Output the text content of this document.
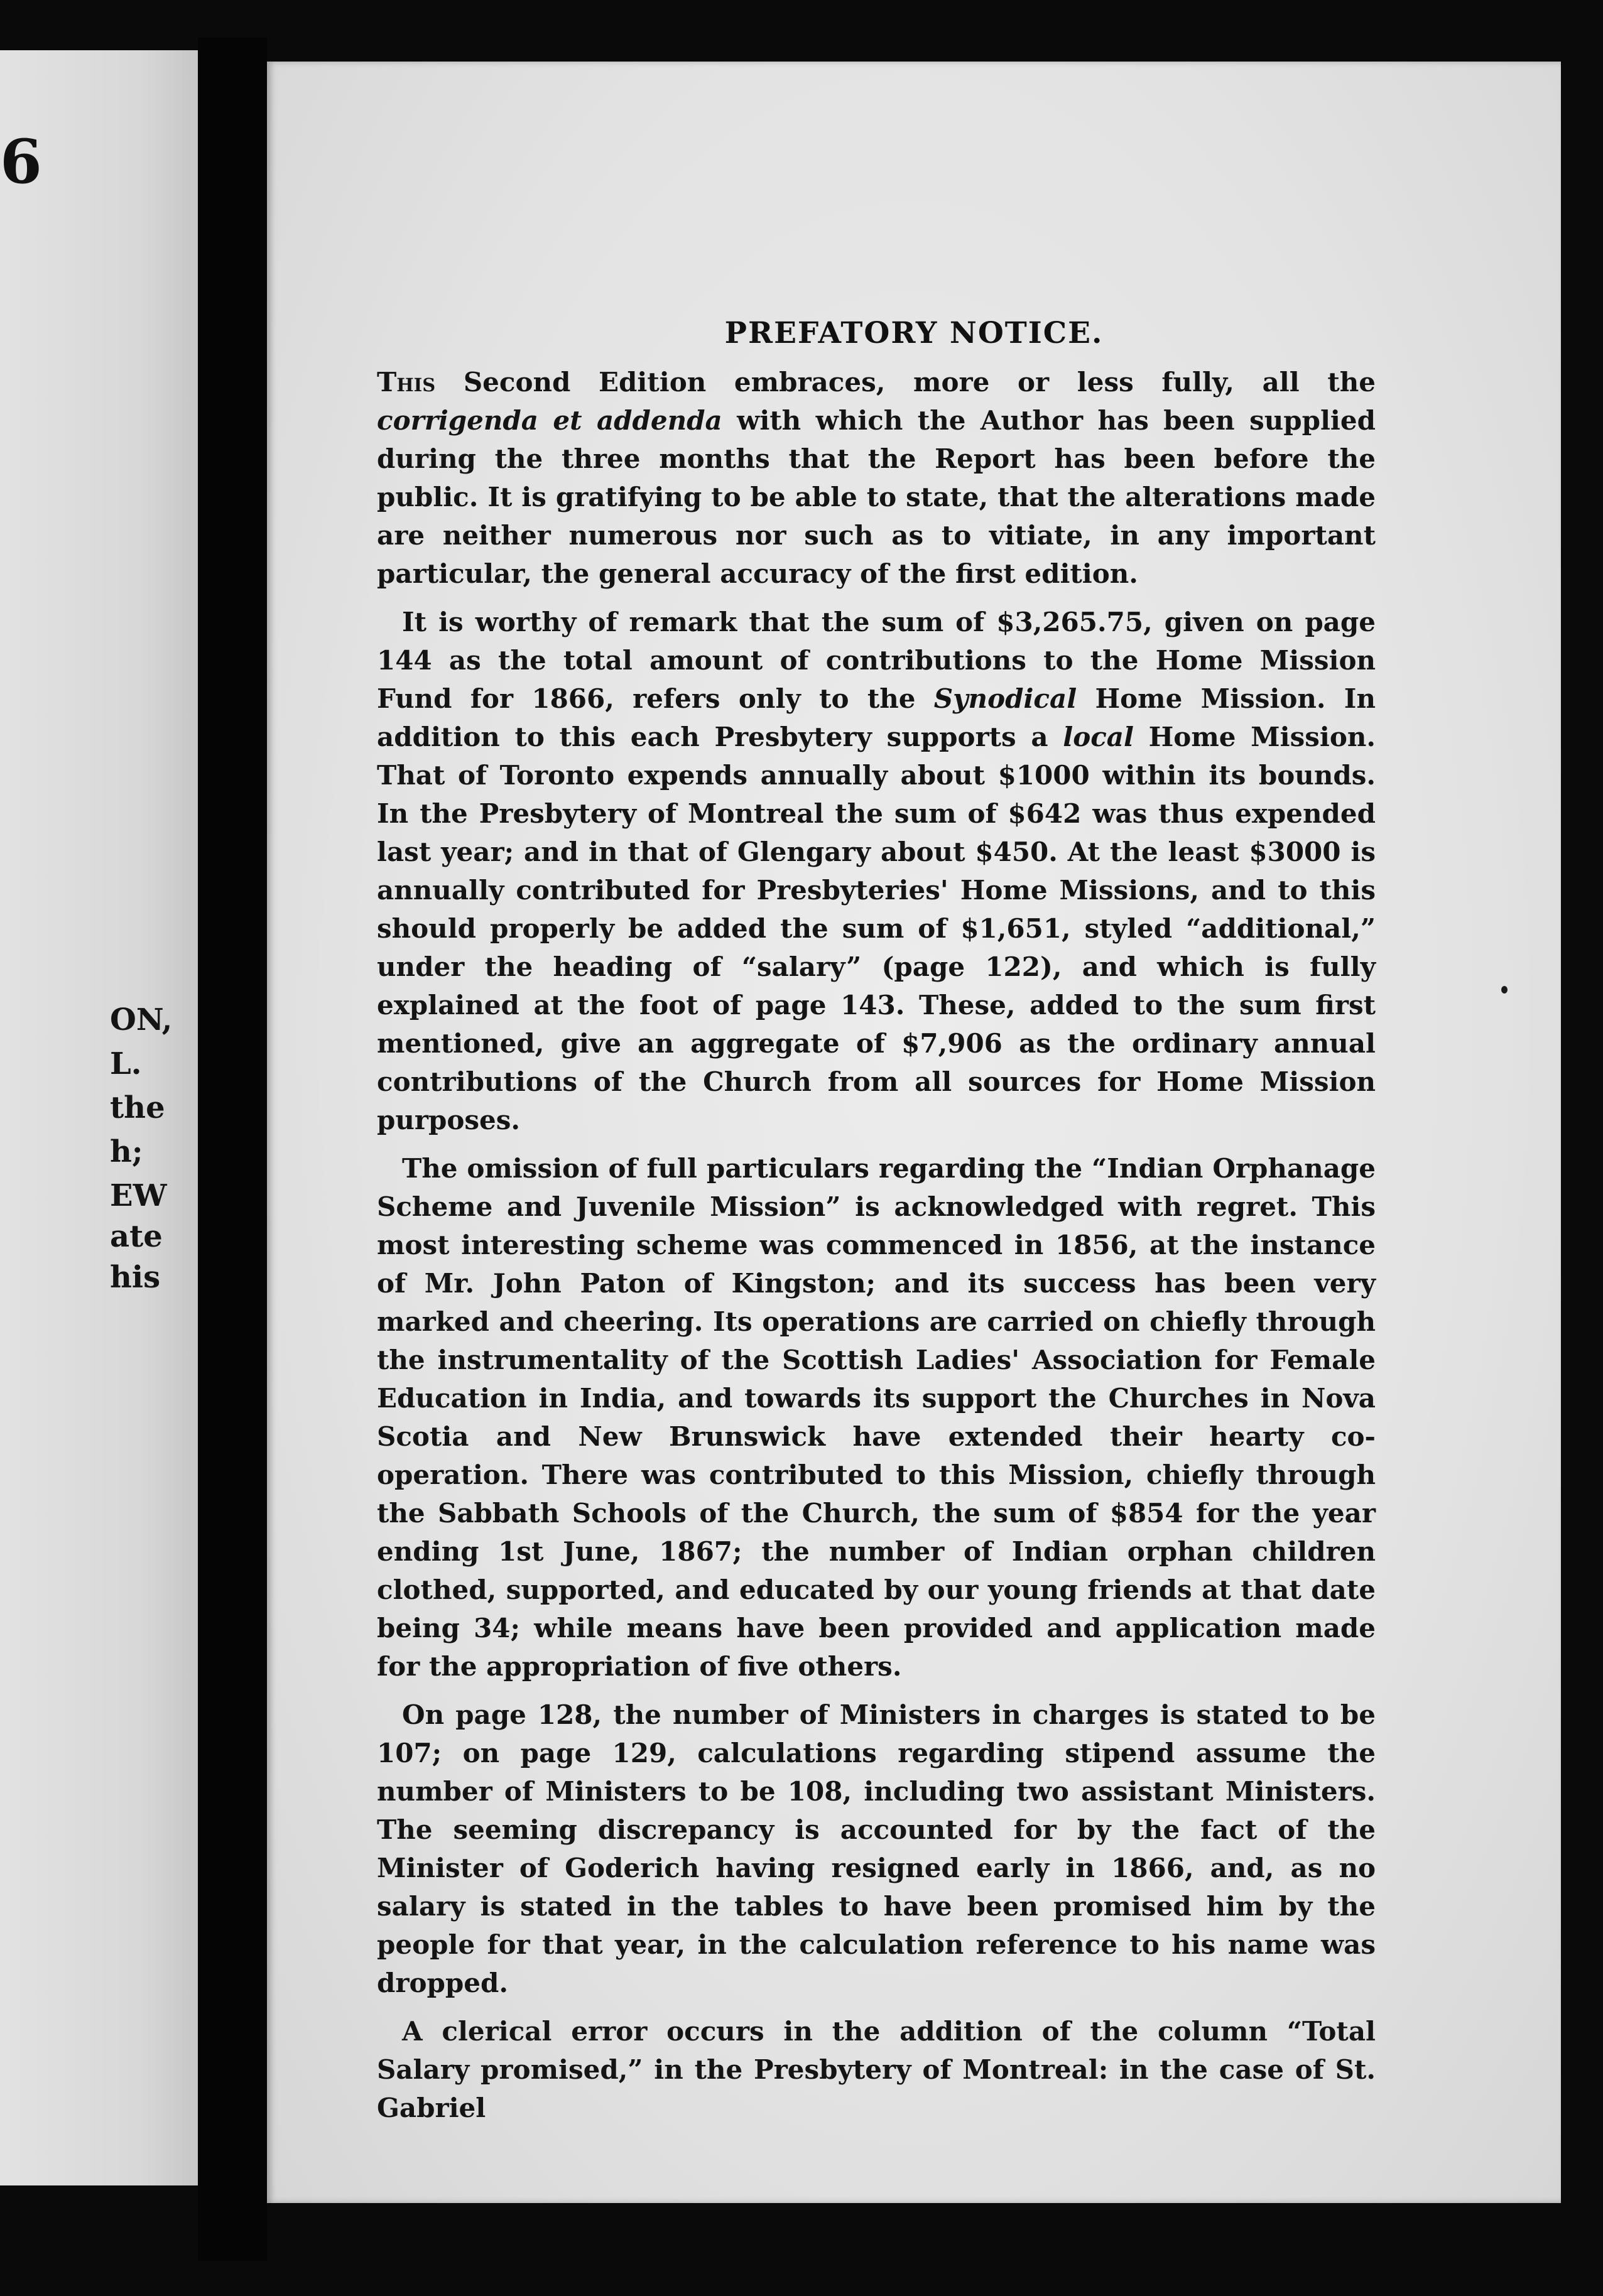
6
ON,
L.
the
h;
EW
ate
his
PREFATORY NOTICE.

This Second Edition embraces, more or less fully, all the corrigenda et addenda with which the Author has been supplied during the three months that the Report has been before the public. It is gratifying to be able to state, that the alterations made are neither numerous nor such as to vitiate, in any important particular, the general accuracy of the first edition.

It is worthy of remark that the sum of $3,265.75, given on page 144 as the total amount of contributions to the Home Mission Fund for 1866, refers only to the Synodical Home Mission. In addition to this each Presbytery supports a local Home Mission. That of Toronto expends annually about $1000 within its bounds. In the Presbytery of Montreal the sum of $642 was thus expended last year; and in that of Glengary about $450. At the least $3000 is annually contributed for Presbyteries' Home Missions, and to this should properly be added the sum of $1,651, styled “additional,” under the heading of “salary” (page 122), and which is fully explained at the foot of page 143. These, added to the sum first mentioned, give an aggregate of $7,906 as the ordinary annual contributions of the Church from all sources for Home Mission purposes.

The omission of full particulars regarding the “Indian Orphanage Scheme and Juvenile Mission” is acknowledged with regret. This most interesting scheme was commenced in 1856, at the instance of Mr. John Paton of Kingston; and its success has been very marked and cheering. Its operations are carried on chiefly through the instrumentality of the Scottish Ladies' Association for Female Education in India, and towards its support the Churches in Nova Scotia and New Brunswick have extended their hearty co-operation. There was contributed to this Mission, chiefly through the Sabbath Schools of the Church, the sum of $854 for the year ending 1st June, 1867; the number of Indian orphan children clothed, supported, and educated by our young friends at that date being 34; while means have been provided and application made for the appropriation of five others.

On page 128, the number of Ministers in charges is stated to be 107; on page 129, calculations regarding stipend assume the number of Ministers to be 108, including two assistant Ministers. The seeming discrepancy is accounted for by the fact of the Minister of Goderich having resigned early in 1866, and, as no salary is stated in the tables to have been promised him by the people for that year, in the calculation reference to his name was dropped.

A clerical error occurs in the addition of the column “Total Salary promised,” in the Presbytery of Montreal: in the case of St. Gabriel
